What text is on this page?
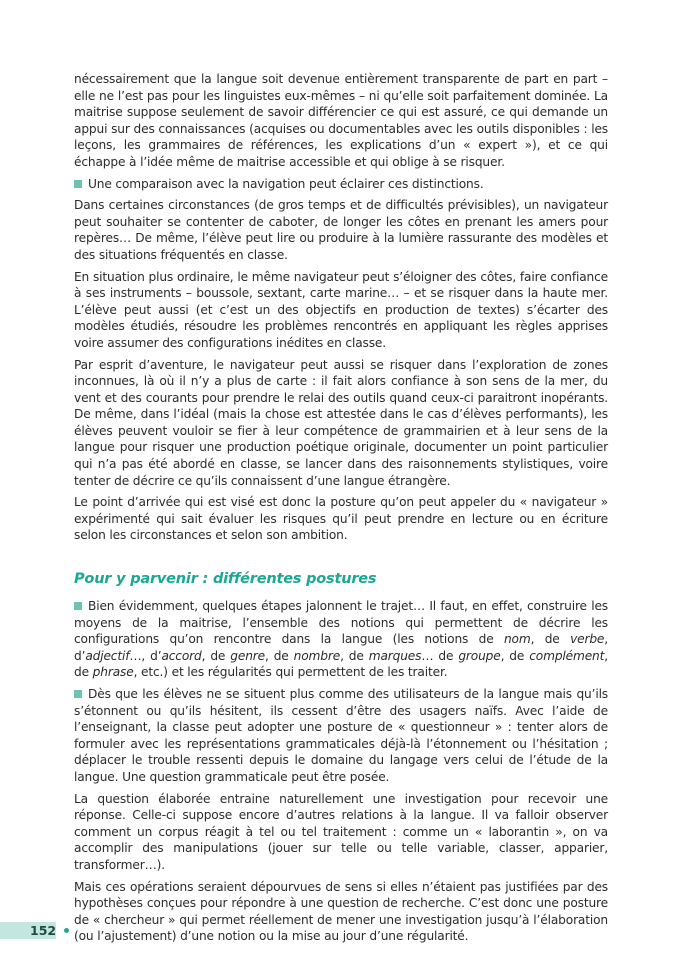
nécessairement que la langue soit devenue entièrement transparente de part en part – elle ne l’est pas pour les linguistes eux-mêmes – ni qu’elle soit parfaitement dominée. La maitrise suppose seulement de savoir différencier ce qui est assuré, ce qui demande un appui sur des connaissances (acquises ou documentables avec les outils disponibles : les leçons, les grammaires de références, les explications d’un « expert »), et ce qui échappe à l’idée même de maitrise accessible et qui oblige à se risquer.

Une comparaison avec la navigation peut éclairer ces distinctions.

Dans certaines circonstances (de gros temps et de difficultés prévisibles), un navigateur peut souhaiter se contenter de caboter, de longer les côtes en prenant les amers pour repères… De même, l’élève peut lire ou produire à la lumière rassurante des modèles et des situations fréquentés en classe.

En situation plus ordinaire, le même navigateur peut s’éloigner des côtes, faire confiance à ses instruments – boussole, sextant, carte marine… – et se risquer dans la haute mer. L’élève peut aussi (et c’est un des objectifs en production de textes) s’écarter des modèles étudiés, résoudre les problèmes rencontrés en appliquant les règles apprises voire assumer des configurations inédites en classe.

Par esprit d’aventure, le navigateur peut aussi se risquer dans l’exploration de zones inconnues, là où il n’y a plus de carte : il fait alors confiance à son sens de la mer, du vent et des courants pour prendre le relai des outils quand ceux-ci paraitront inopérants. De même, dans l’idéal (mais la chose est attestée dans le cas d’élèves performants), les élèves peuvent vouloir se fier à leur compétence de grammairien et à leur sens de la langue pour risquer une production poétique originale, documenter un point particulier qui n’a pas été abordé en classe, se lancer dans des raisonnements stylistiques, voire tenter de décrire ce qu’ils connaissent d’une langue étrangère.

Le point d’arrivée qui est visé est donc la posture qu’on peut appeler du « navigateur » expérimenté qui sait évaluer les risques qu’il peut prendre en lecture ou en écriture selon les circonstances et selon son ambition.

Pour y parvenir : différentes postures

Bien évidemment, quelques étapes jalonnent le trajet… Il faut, en effet, construire les moyens de la maitrise, l’ensemble des notions qui permettent de décrire les configurations qu’on rencontre dans la langue (les notions de nom, de verbe, d’adjectif…, d’accord, de genre, de nombre, de marques… de groupe, de complément, de phrase, etc.) et les régularités qui permettent de les traiter.

Dès que les élèves ne se situent plus comme des utilisateurs de la langue mais qu’ils s’étonnent ou qu’ils hésitent, ils cessent d’être des usagers naïfs. Avec l’aide de l’enseignant, la classe peut adopter une posture de « questionneur » : tenter alors de formuler avec les représentations grammaticales déjà-là l’étonnement ou l’hésitation ; déplacer le trouble ressenti depuis le domaine du langage vers celui de l’étude de la langue. Une question grammaticale peut être posée.

La question élaborée entraine naturellement une investigation pour recevoir une réponse. Celle-ci suppose encore d’autres relations à la langue. Il va falloir observer comment un corpus réagit à tel ou tel traitement : comme un « laborantin », on va accomplir des manipulations (jouer sur telle ou telle variable, classer, apparier, transformer…).

Mais ces opérations seraient dépourvues de sens si elles n’étaient pas justifiées par des hypothèses conçues pour répondre à une question de recherche. C’est donc une posture de « chercheur » qui permet réellement de mener une investigation jusqu’à l’élaboration (ou l’ajustement) d’une notion ou la mise au jour d’une régularité.

152
